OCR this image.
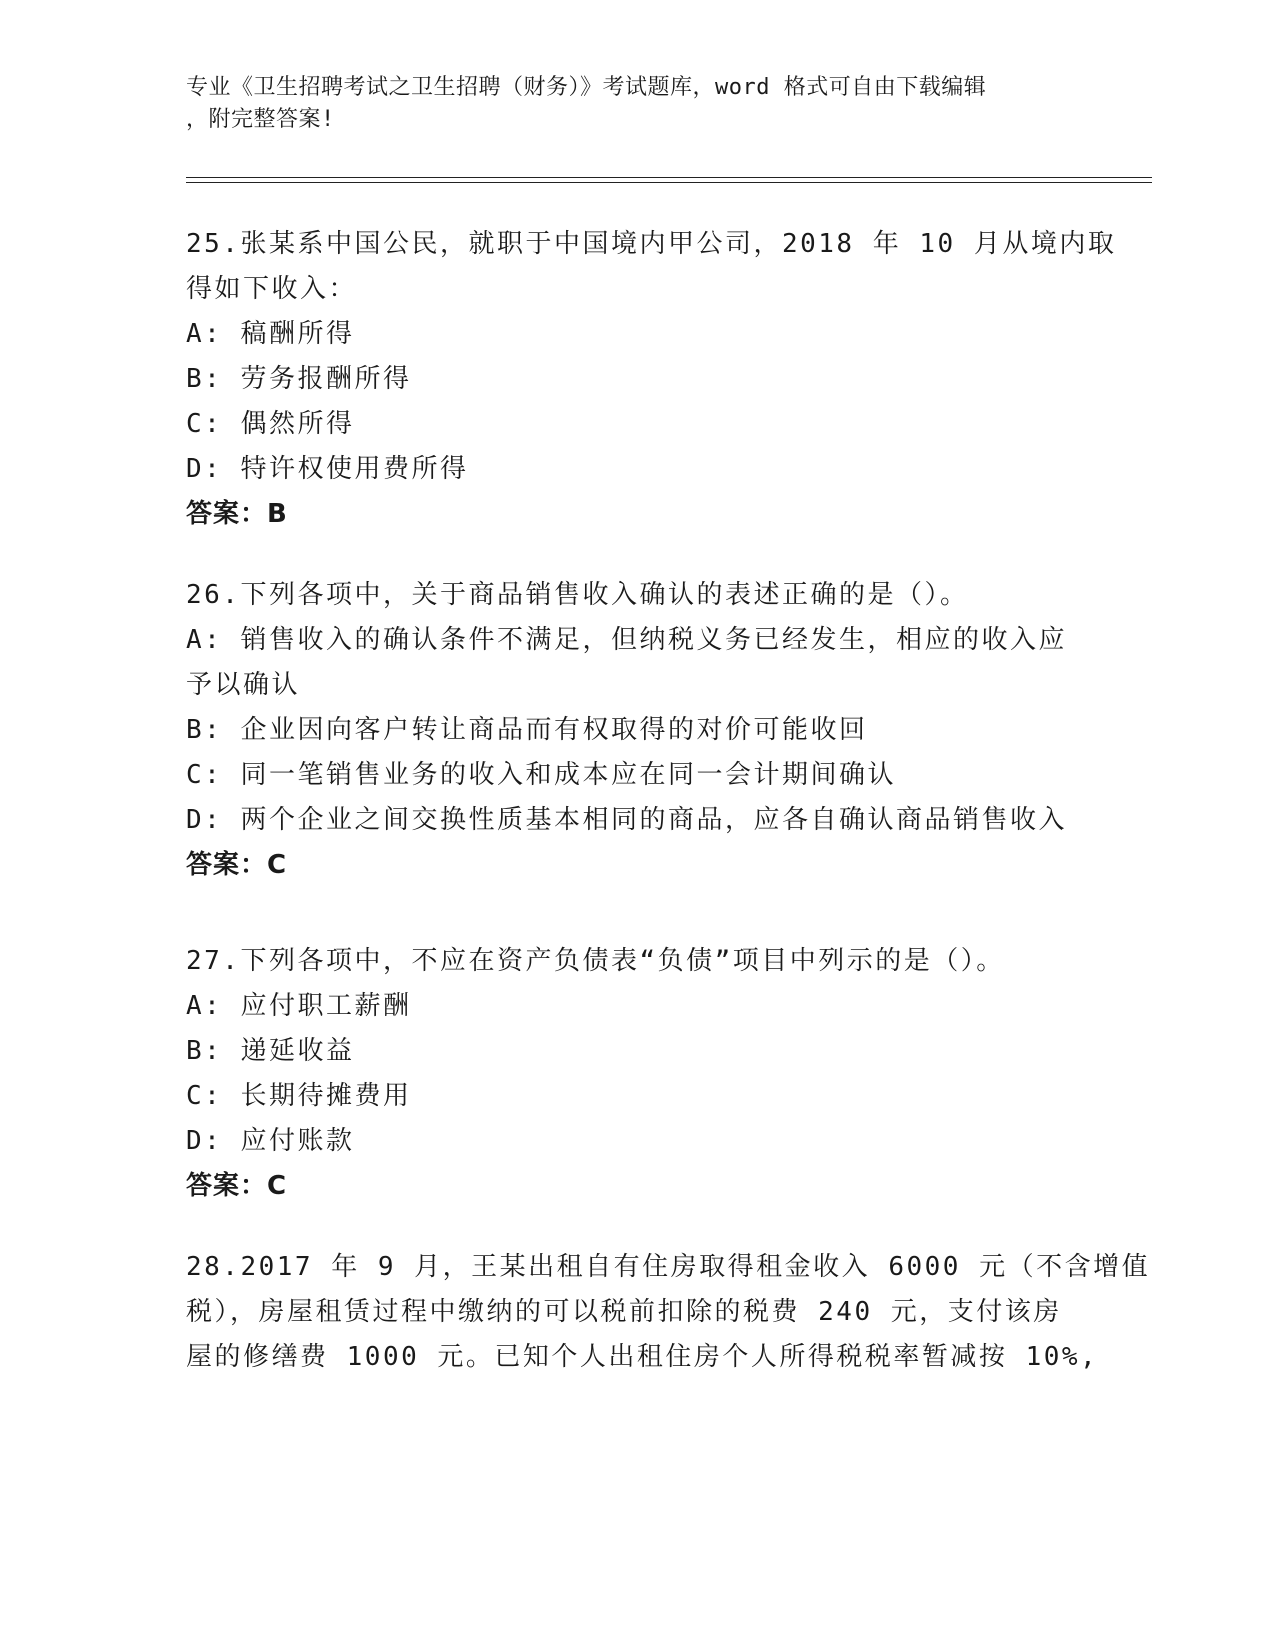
专业《卫生招聘考试之卫生招聘（财务）》考试题库，word 格式可自由下载编辑
，附完整答案!
25.张某系中国公民，就职于中国境内甲公司，2018 年 10 月从境内取
得如下收入：
A: 稿酬所得
B: 劳务报酬所得
C: 偶然所得
D: 特许权使用费所得
答案：B
26.下列各项中，关于商品销售收入确认的表述正确的是（）。
A: 销售收入的确认条件不满足，但纳税义务已经发生，相应的收入应
予以确认
B: 企业因向客户转让商品而有权取得的对价可能收回
C: 同一笔销售业务的收入和成本应在同一会计期间确认
D: 两个企业之间交换性质基本相同的商品，应各自确认商品销售收入
答案：C
27.下列各项中，不应在资产负债表“负债”项目中列示的是（）。
A: 应付职工薪酬
B: 递延收益
C: 长期待摊费用
D: 应付账款
答案：C
28.2017 年 9 月，王某出租自有住房取得租金收入 6000 元（不含增值
税），房屋租赁过程中缴纳的可以税前扣除的税费 240 元，支付该房
屋的修缮费 1000 元。已知个人出租住房个人所得税税率暂减按 10%,
